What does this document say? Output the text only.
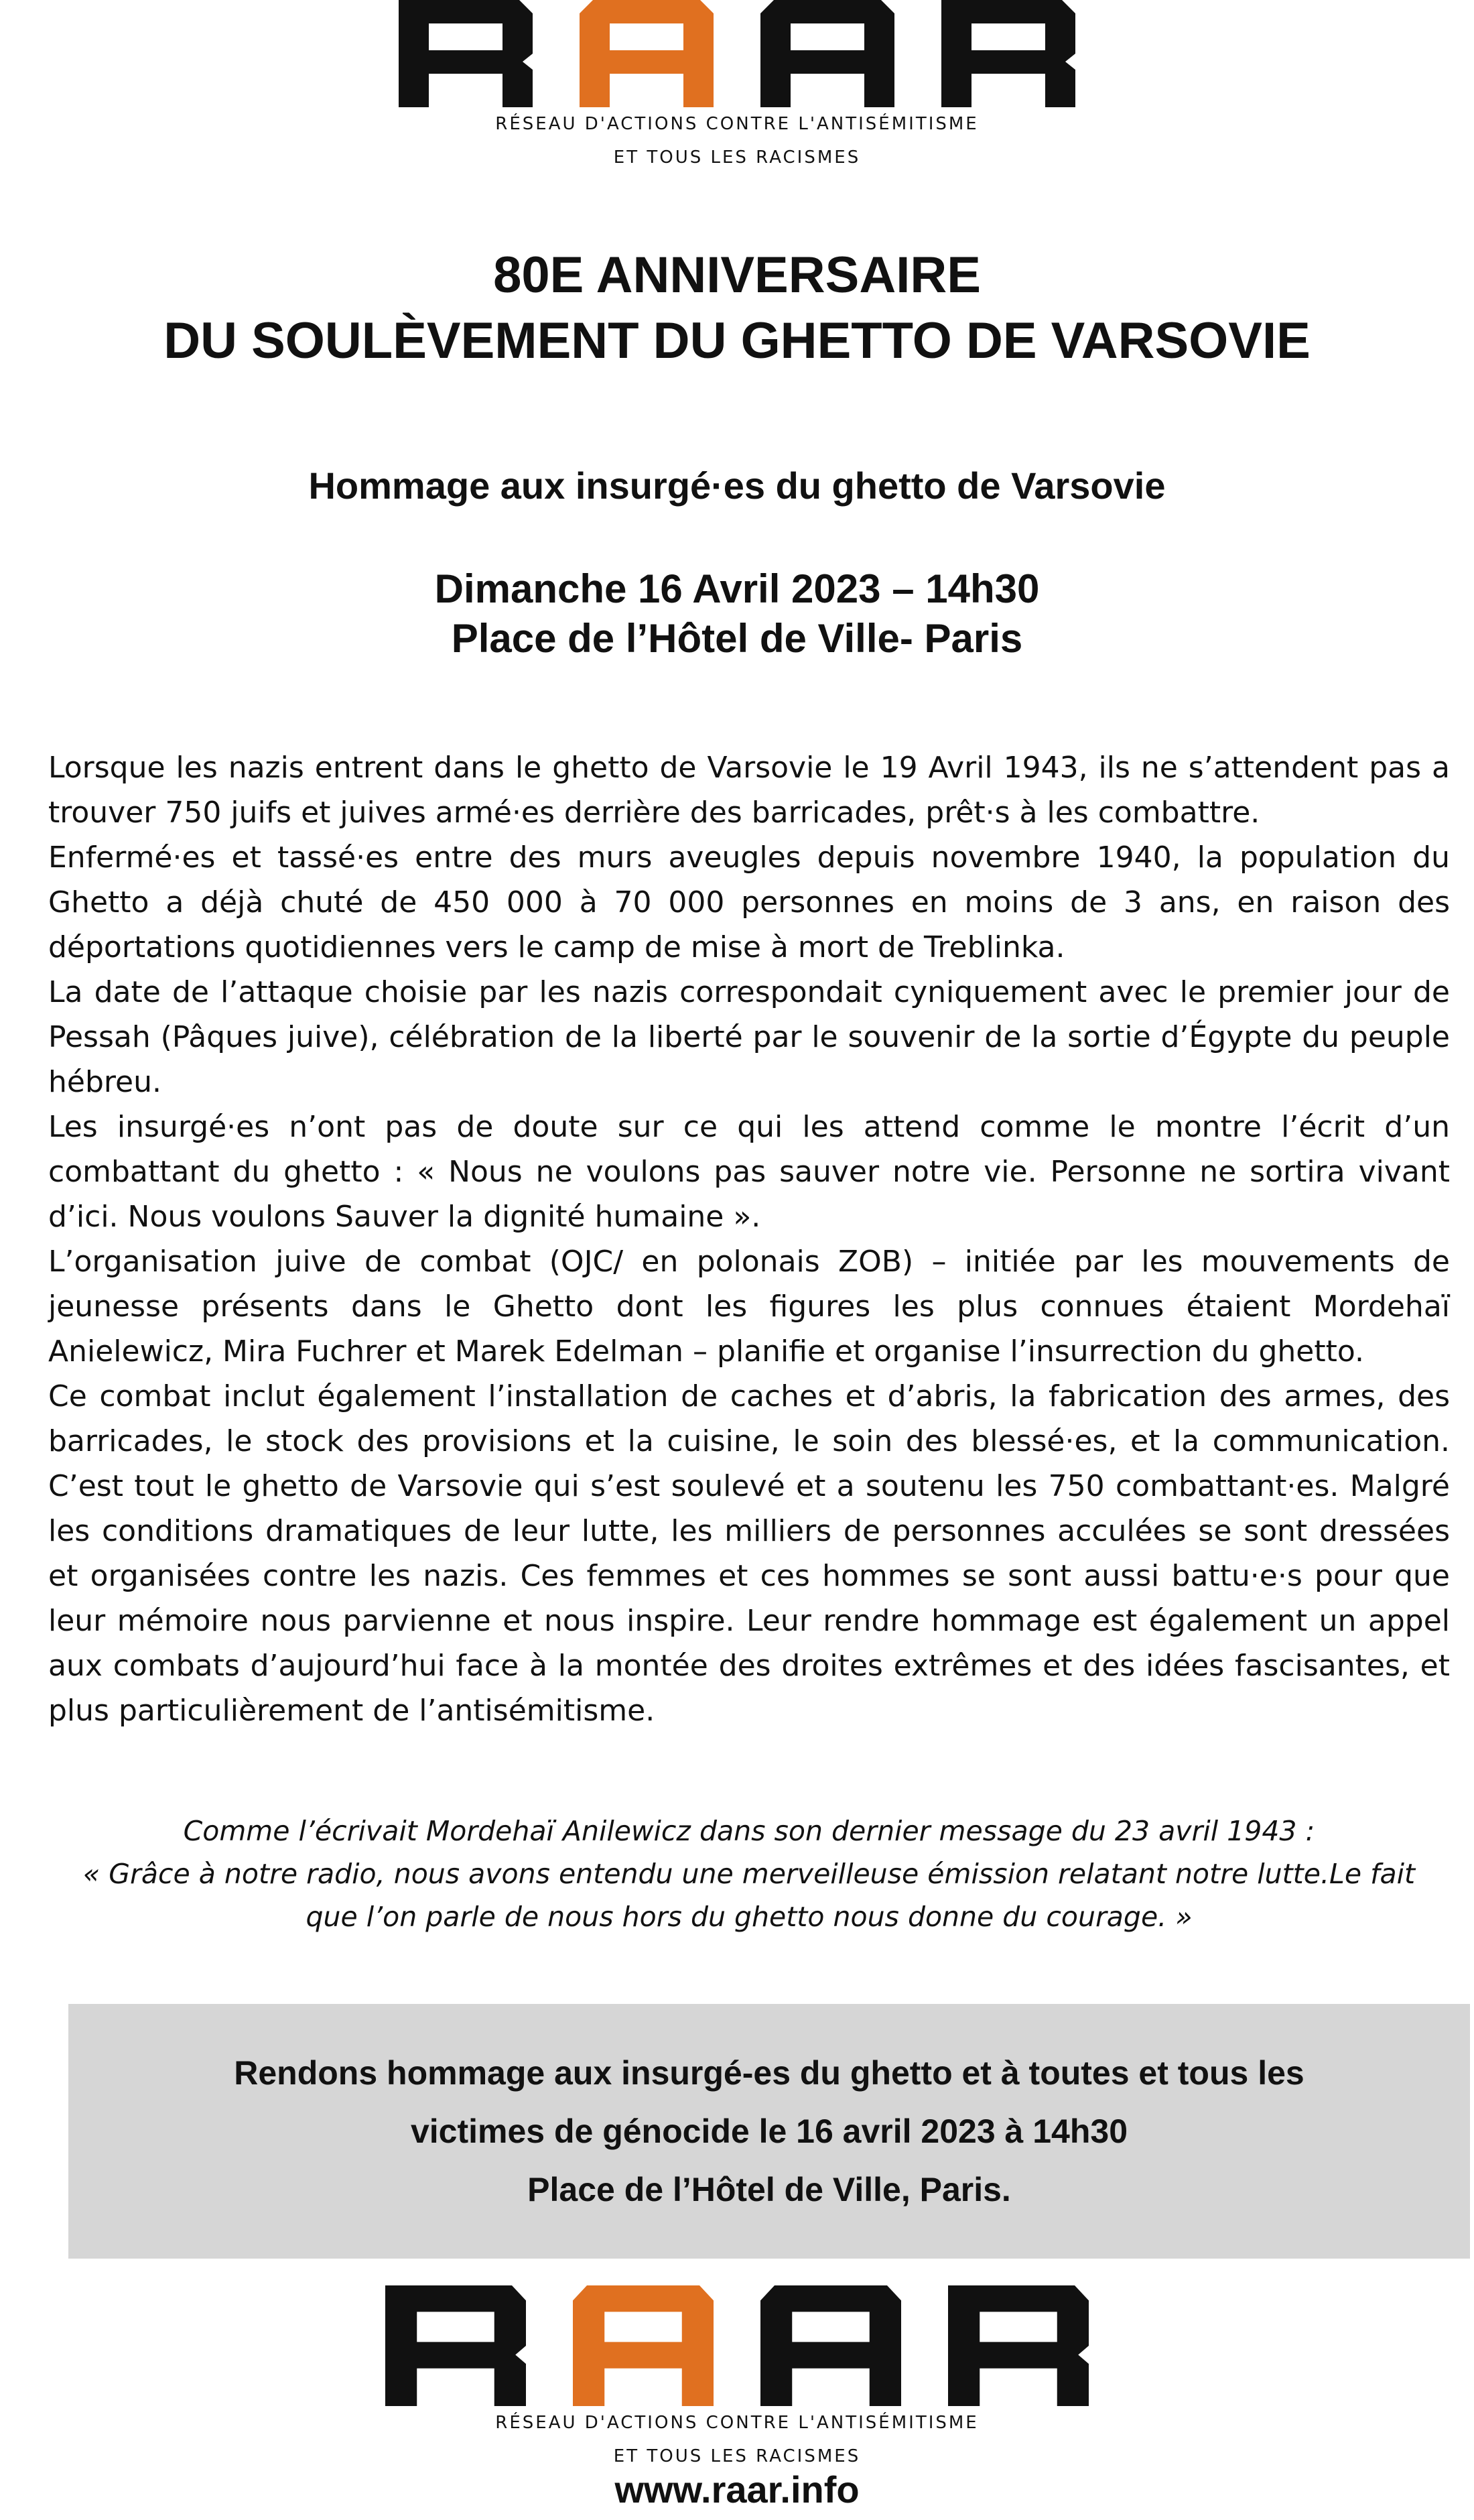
RÉSEAU D'ACTIONS CONTRE L'ANTISÉMITISME
ET TOUS LES RACISMES
80E ANNIVERSAIRE
DU SOULÈVEMENT DU GHETTO DE VARSOVIE
Hommage aux insurgé·es du ghetto de Varsovie
Dimanche 16 Avril 2023 – 14h30
Place de l’Hôtel de Ville- Paris

Lorsque les nazis entrent dans le ghetto de Varsovie le 19 Avril 1943, ils ne s’attendent pas a trouver 750 juifs et juives armé·es derrière des barricades, prêt·s à les combattre.

Enfermé·es et tassé·es entre des murs aveugles depuis novembre 1940, la population du Ghetto a déjà chuté de 450 000 à 70 000 personnes en moins de 3 ans, en raison des déportations quotidiennes vers le camp de mise à mort de Treblinka.

La date de l’attaque choisie par les nazis correspondait cyniquement avec le premier jour de Pessah (Pâques juive), célébration de la liberté par le souvenir de la sortie d’Égypte du peuple hébreu.

Les insurgé·es n’ont pas de doute sur ce qui les attend comme le montre l’écrit d’un combattant du ghetto : « Nous ne voulons pas sauver notre vie. Personne ne sortira vivant d’ici. Nous voulons Sauver la dignité humaine ».

L’organisation juive de combat (OJC/ en polonais ZOB) – initiée par les mouvements de jeunesse présents dans le Ghetto dont les figures les plus connues étaient Mordehaï Anielewicz, Mira Fuchrer et Marek Edelman – planifie et organise l’insurrection du ghetto.

Ce combat inclut également l’installation de caches et d’abris, la fabrication des armes, des barricades, le stock des provisions et la cuisine, le soin des blessé·es, et la communication. C’est tout le ghetto de Varsovie qui s’est soulevé et a soutenu les 750 combattant·es. Malgré les conditions dramatiques de leur lutte, les milliers de personnes acculées se sont dressées et organisées contre les nazis. Ces femmes et ces hommes se sont aussi battu·e·s pour que leur mémoire nous parvienne et nous inspire. Leur rendre hommage est également un appel aux combats d’aujourd’hui face à la montée des droites extrêmes et des idées fascisantes, et plus particulièrement de l’antisémitisme.

Comme l’écrivait Mordehaï Anilewicz dans son dernier message du 23 avril 1943 :
« Grâce à notre radio, nous avons entendu une merveilleuse émission relatant notre lutte.Le fait
que l’on parle de nous hors du ghetto nous donne du courage. »
Rendons hommage aux insurgé-es du ghetto et à toutes et tous les
victimes de génocide le 16 avril 2023 à 14h30
Place de l’Hôtel de Ville, Paris.
RÉSEAU D'ACTIONS CONTRE L'ANTISÉMITISME
ET TOUS LES RACISMES
www.raar.info
